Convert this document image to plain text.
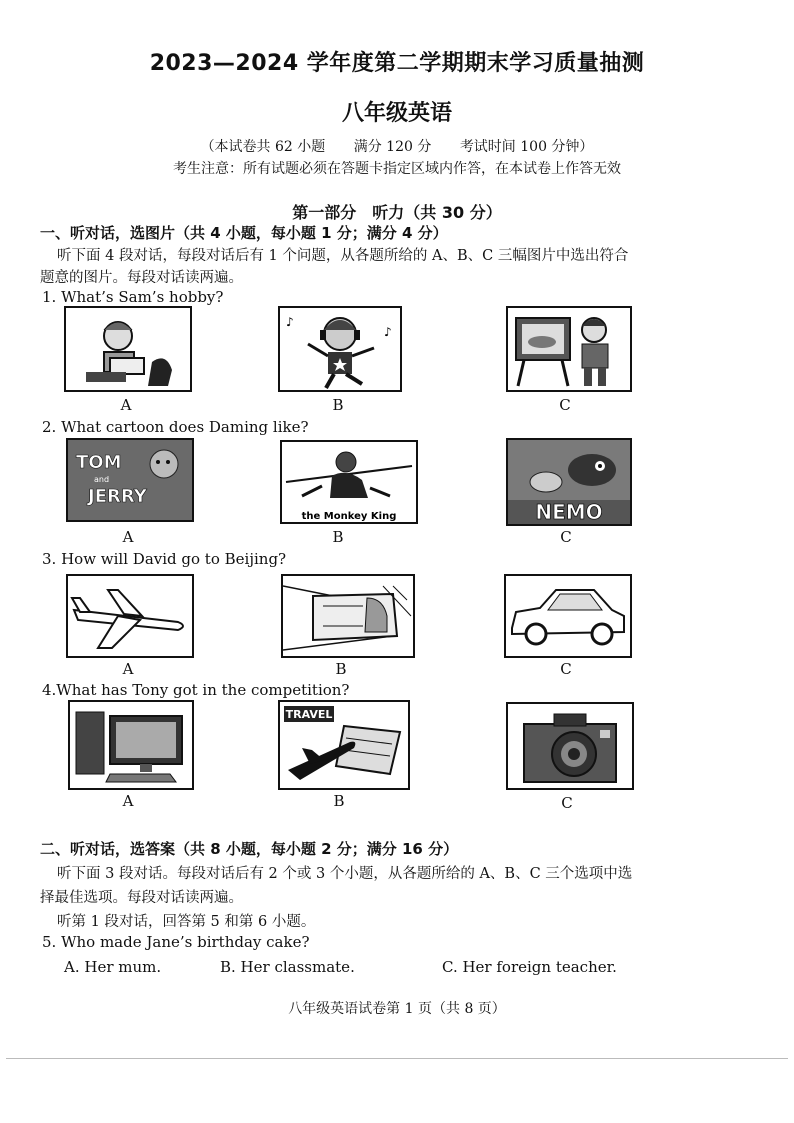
2023—2024 学年度第二学期期末学习质量抽测
八年级英语
（本试卷共 62 小题 满分 120 分 考试时间 100 分钟）
考生注意：所有试题必须在答题卡指定区域内作答，在本试卷上作答无效
第一部分　听力（共 30 分）
一、听对话，选图片（共 4 小题，每小题 1 分；满分 4 分）
听下面 4 段对话，每段对话后有 1 个问题，从各题所给的 A、B、C 三幅图片中选出符合
题意的图片。每段对话读两遍。
1. What’s Sam’s hobby?
♪
♪
A	B	C
2. What cartoon does Daming like?
TOM
and
JERRY
the Monkey King	NEMO
A	B	C
3. How will David go to Beijing?
A	B	C
4.What has Tony got in the competition?
TRAVEL
A	B	C
二、听对话，选答案（共 8 小题，每小题 2 分；满分 16 分）
听下面 3 段对话。每段对话后有 2 个或 3 个小题，从各题所给的 A、B、C 三个选项中选
择最佳选项。每段对话读两遍。
听第 1 段对话，回答第 5 和第 6 小题。
5. Who made Jane’s birthday cake?
A. Her mum.	B. Her classmate.	C. Her foreign teacher.
八年级英语试卷第 1 页（共 8 页）
